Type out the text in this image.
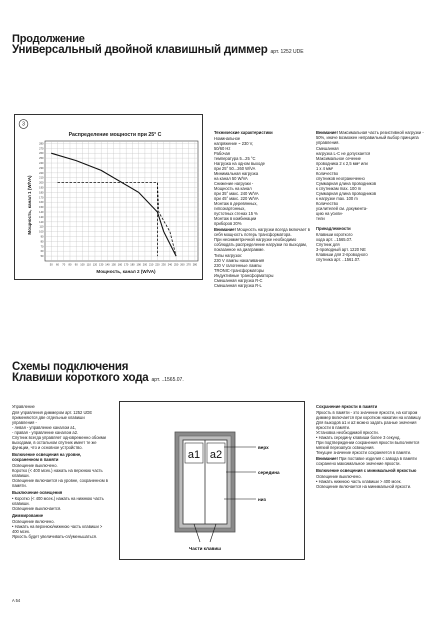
Продолжение
Универсальный двойной клавишный диммер арт. 1252 UDE
3
Распределение мощности при 25° C
50 60 70 80 90 100 110 120 130 140 150 160 170 180 190 200 210 220 230 240 250 260 270 280
50
60
70
80
90
100
110
120
130
140
150
160
170
180
190
200
210
220
230
240
250
260
270
280
Мощность, канал 1 (W/VA)
Мощность, канал 2 (W/VA)
Технические характеристики
Номинальное
напряжение ~ 230 V,
50/60 Hz
Рабочая
температура 5...25 °C
Нагрузка на одном выходе
при 25° 50...260 W/VA
Минимальная нагрузка
на канал 50 W/VA
Снижение нагрузки -
Мощность на канал
при 35° макс. 240 W/VA
при 45° макс. 220 W/VA
Монтаж в деревянных,
гипсокартонных,
пустотных стенах 15 %
Монтаж в комбинации
приборов 20%
Внимание! Мощность нагрузки всегда включает в себя мощность потерь трансформатора.
При несимметричной нагрузке необходимо соблюдать распределение нагрузки по выходам, показанное на диаграмме.
Типы нагрузок:
230 V лампы накаливания
230 V галогенные лампы
TRONIC-трансформаторы
Индуктивные трансформаторы
Смешанная нагрузка R-C
Смешанная нагрузка R-L
Внимание! Максимальная часть резистивной нагрузки - 50%, иначе возможен неправильный выбор принципа управления.
Смешанная
нагрузка L-C не допускается
Максимальное сечение
проводника 2 x 2,5 мм² или
1 x 4 мм²
Количество
спутников неограниченно
Суммарная длина проводников
к спутникам max. 100 m
Суммарная длина проводников
к нагрузке max. 100 m
Количество
усилителей см. документа-
цию на усили-
тели
Принадлежности
Клавиши короткого
хода арт. ..1565.07.
Спутник для
3-проводный арт. 1220 NE
Клавиши для 2-проводного
спутника арт. ..1561.07.
Схемы подключения
Клавиши короткого хода арт. ..1565.07.
Управление
Для управления диммером арт. 1252 UDE применяются две отдельные клавиши управления -
- левая - управление каналом a1,
- правая - управление каналом a2.
Спутник всегда управляет одновременно обоими выходами, в остальном спутник имеет те же функции, что и основное устройство.
Включение освещения на уровне, сохраненном в памяти
Освещение выключено.
Коротко (< 400 мсек.) нажать на верхнюю часть клавиши.
Освещение включается на уровне, сохраненном в памяти.
Выключение освещения
• Коротко (< 400 мсек.) нажать на нижнюю часть клавиши.
Освещение выключается.
Диммирование
Освещение включено.
• Нажать на верхнюю/нижнюю часть клавиши > 400 мсек.
Яркость будет увеличивать-ся/уменьшаться.
A 54
a1 a2
верх
середина
низ
Части клавиш
Сохранение яркости в памяти
Яркость в памяти - это значение яркости, на котором диммер включается при коротком нажатии на клавишу.
Для выходов a1 и a2 можно задать разные значения яркости в памяти.
Установка необходимой яркости.
• Нажать середину клавиши более 3 секунд.
При подтверждении сохранения яркости выполняется мягкий перезапуск освещения.
Текущее значение яркости сохраняется в памяти.
Внимание! При поставке изделия с завода в памяти сохранено максимальное значение яркости.
Включение освещения с минимальной яркостью
Освещение выключено.
• Нажать нижнюю часть клавиши > 400 мсек.
Освещение включается на минимальной яркости.
